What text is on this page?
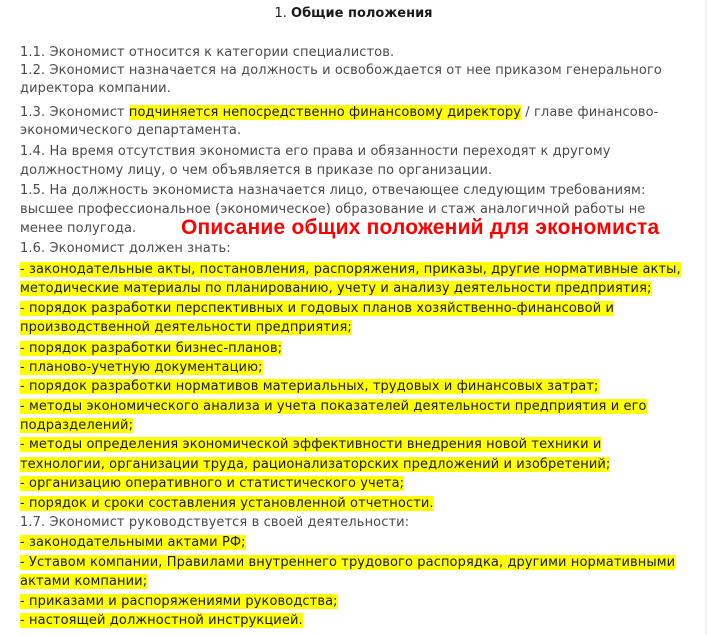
1. Общие положения
1.1. Экономист относится к категории специалистов.
1.2. Экономист назначается на должность и освобождается от нее приказом генерального
директора компании.
1.3. Экономист подчиняется непосредственно финансовому директору / главе финансово-
экономического департамента.
1.4. На время отсутствия экономиста его права и обязанности переходят к другому
должностному лицу, о чем объявляется в приказе по организации.
1.5. На должность экономиста назначается лицо, отвечающее следующим требованиям:
высшее профессиональное (экономическое) образование и стаж аналогичной работы не
менее полугода.
1.6. Экономист должен знать:
- законодательные акты, постановления, распоряжения, приказы, другие нормативные акты,
методические материалы по планированию, учету и анализу деятельности предприятия;
- порядок разработки перспективных и годовых планов хозяйственно-финансовой и
производственной деятельности предприятия;
- порядок разработки бизнес-планов;
- планово-учетную документацию;
- порядок разработки нормативов материальных, трудовых и финансовых затрат;
- методы экономического анализа и учета показателей деятельности предприятия и его
подразделений;
- методы определения экономической эффективности внедрения новой техники и
технологии, организации труда, рационализаторских предложений и изобретений;
- организацию оперативного и статистического учета;
- порядок и сроки составления установленной отчетности.
1.7. Экономист руководствуется в своей деятельности:
- законодательными актами РФ;
- Уставом компании, Правилами внутреннего трудового распорядка, другими нормативными
актами компании;
- приказами и распоряжениями руководства;
- настоящей должностной инструкцией.
Описание общих положений для экономиста
